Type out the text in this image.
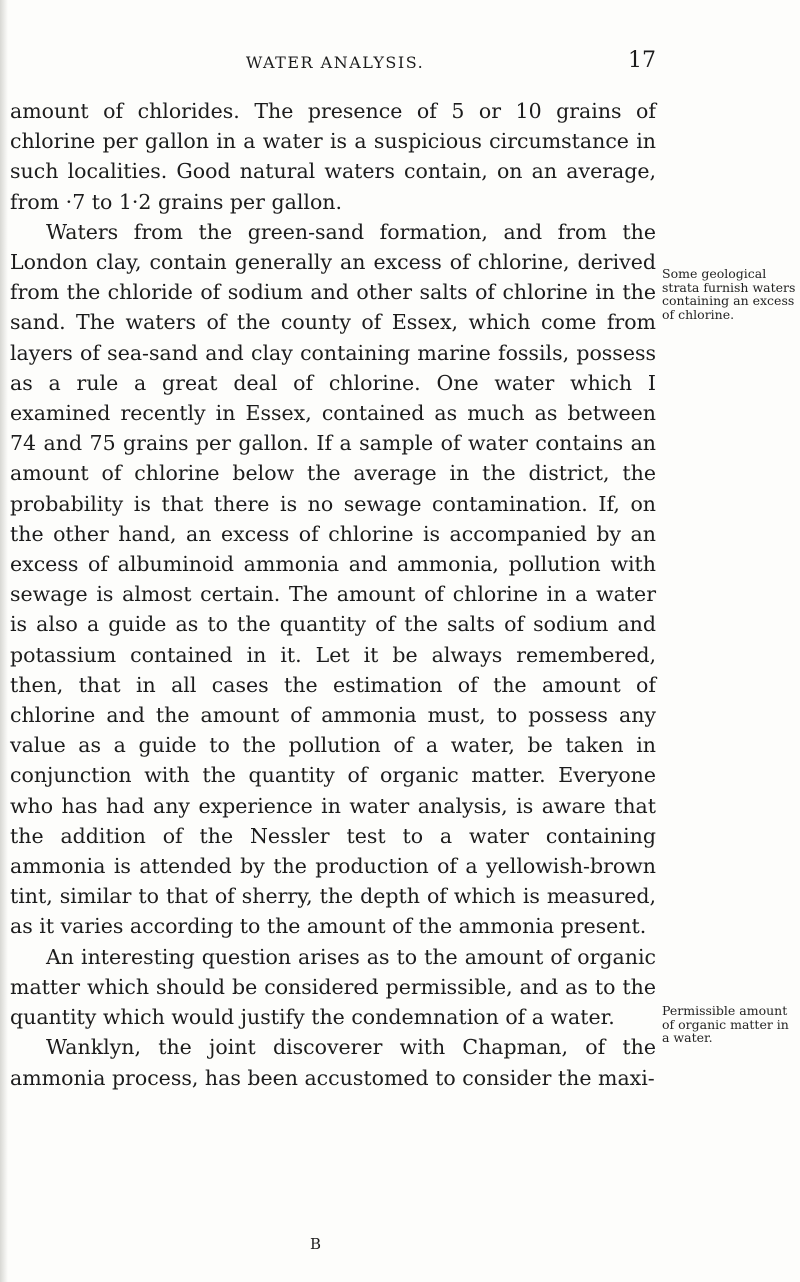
WATER ANALYSIS.	17

amount of chlorides. The presence of 5 or 10 grains of chlorine per gallon in a water is a suspicious circumstance in such localities. Good natural waters contain, on an average, from ·7 to 1·2 grains per gallon.

Waters from the green-sand formation, and from the London clay, contain generally an excess of chlorine, derived from the chloride of sodium and other salts of chlorine in the sand. The waters of the county of Essex, which come from layers of sea-sand and clay containing marine fossils, possess as a rule a great deal of chlorine. One water which I examined recently in Essex, contained as much as between 74 and 75 grains per gallon. If a sample of water contains an amount of chlorine below the average in the district, the probability is that there is no sewage contamination. If, on the other hand, an excess of chlorine is accompanied by an excess of albuminoid ammonia and ammonia, pollution with sewage is almost certain. The amount of chlorine in a water is also a guide as to the quantity of the salts of sodium and potassium contained in it. Let it be always remembered, then, that in all cases the estimation of the amount of chlorine and the amount of ammonia must, to possess any value as a guide to the pollution of a water, be taken in conjunction with the quantity of organic matter. Everyone who has had any experience in water analysis, is aware that the addition of the Nessler test to a water containing ammonia is attended by the production of a yellowish-brown tint, similar to that of sherry, the depth of which is measured, as it varies according to the amount of the ammonia present.

An interesting question arises as to the amount of organic matter which should be considered permissible, and as to the quantity which would justify the condemnation of a water.

Wanklyn, the joint discoverer with Chapman, of the ammonia process, has been accustomed to consider the maxi-

Some geological strata furnish waters containing an excess of chlorine.
Permissible amount of organic matter in a water.
B
